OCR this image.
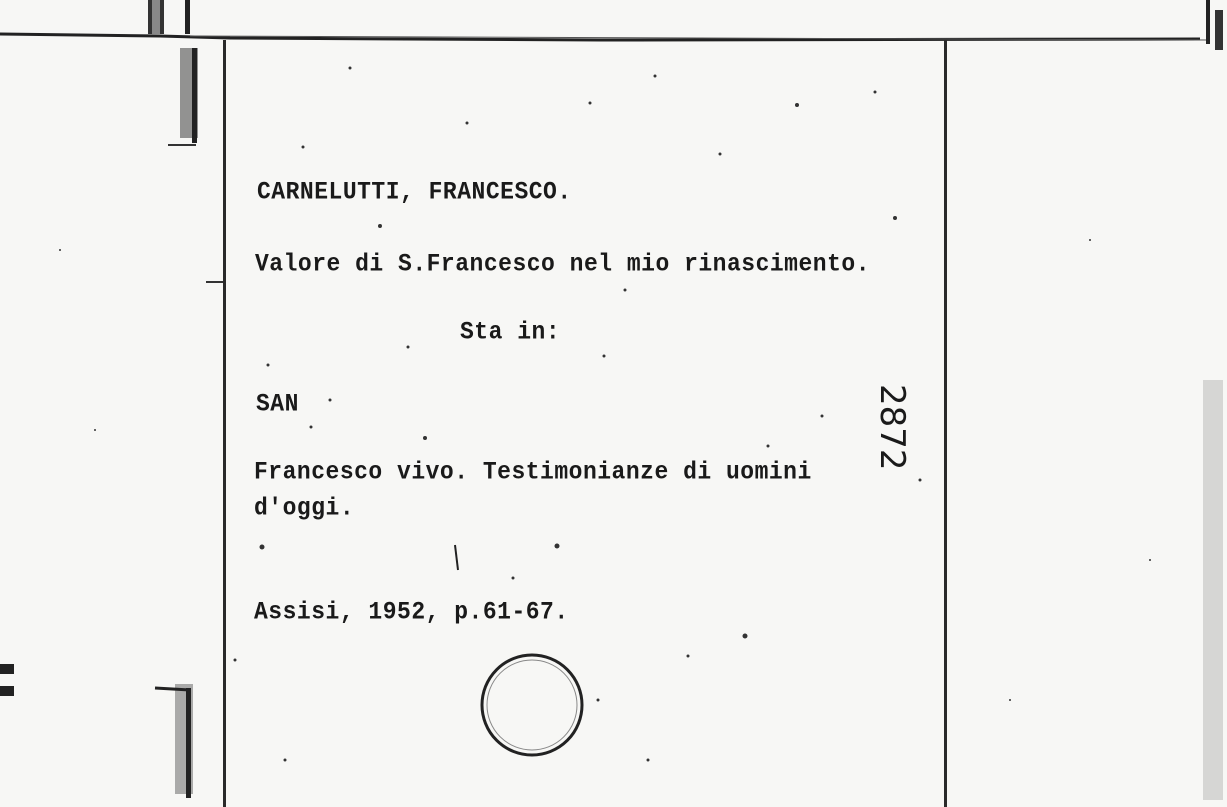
CARNELUTTI, FRANCESCO.
Valore di S.Francesco nel mio rinascimento.
Sta in:
SAN
Francesco vivo. Testimonianze di uomini
d'oggi.
Assisi, 1952, p.61-67.
2872
